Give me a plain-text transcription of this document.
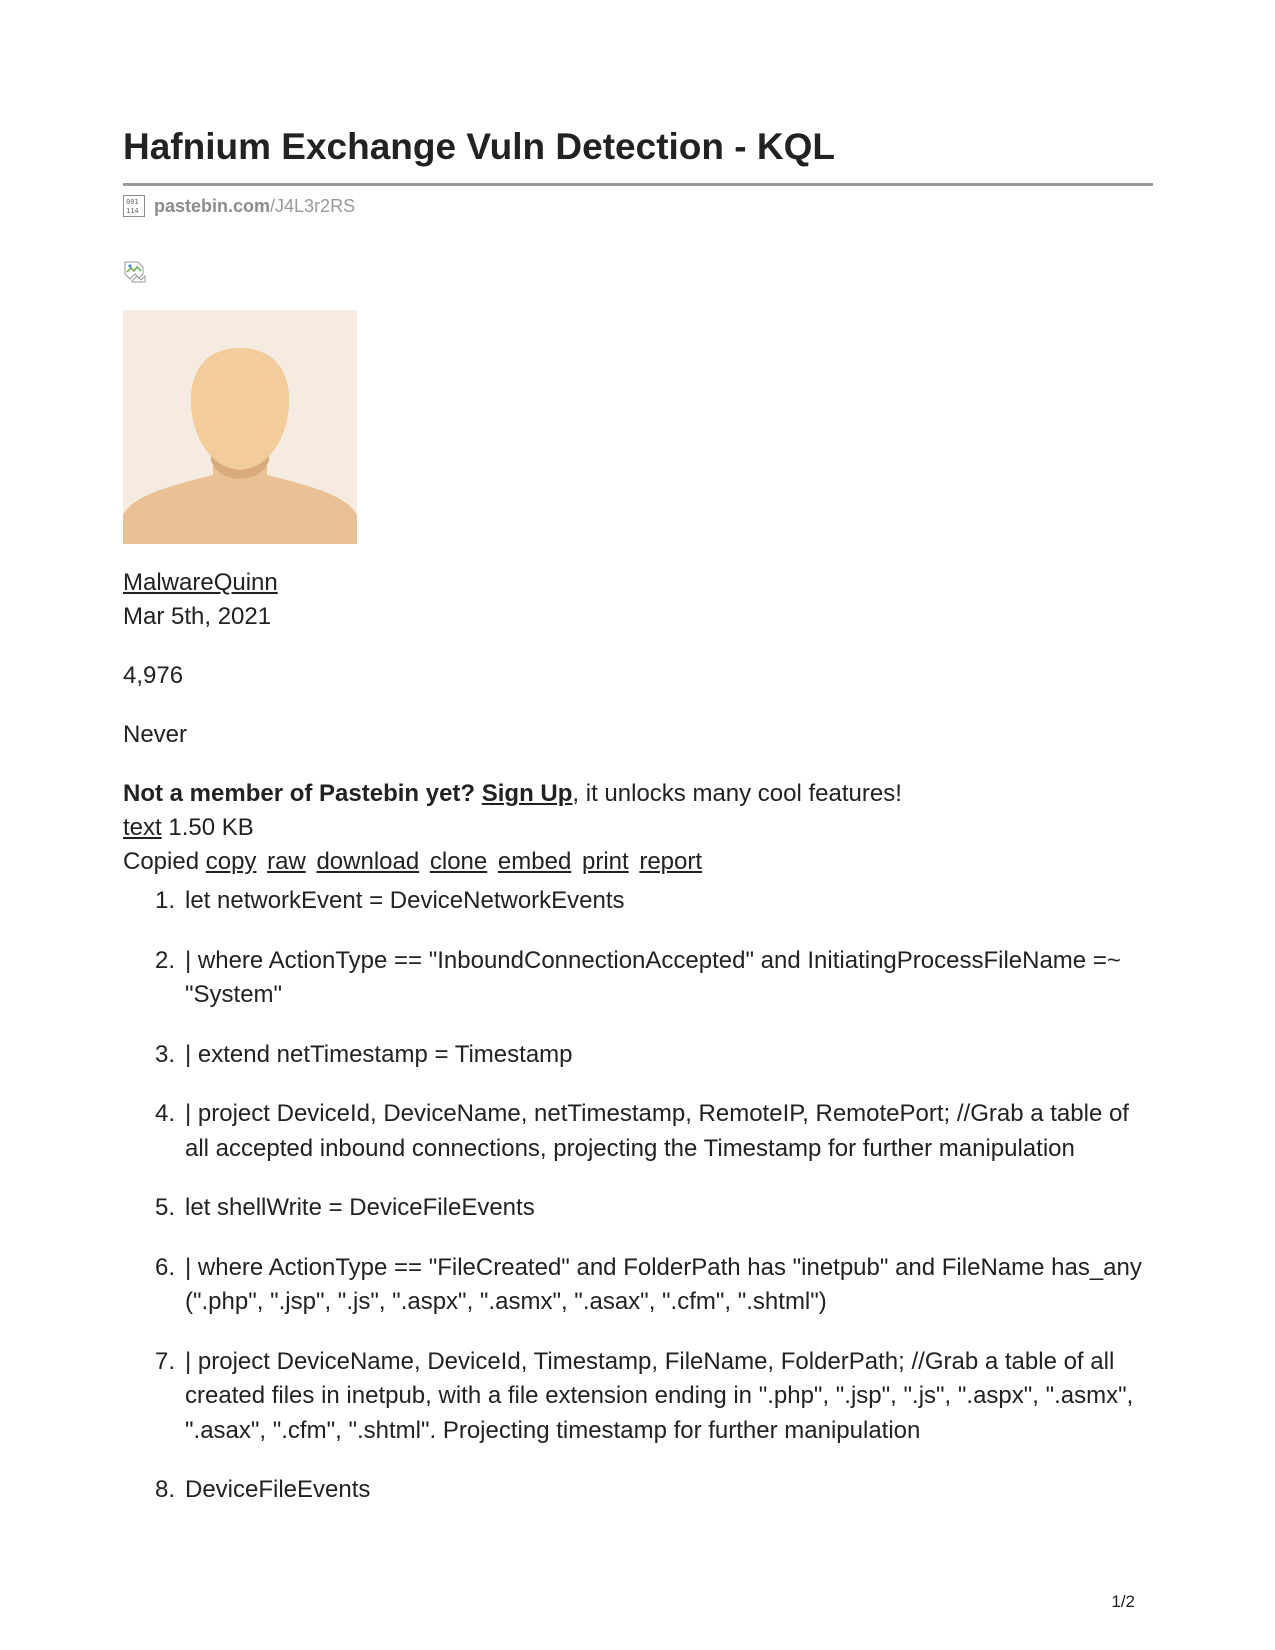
Hafnium Exchange Vuln Detection - KQL
001
114 pastebin.com /J4L3r2RS
MalwareQuinn
Mar 5th, 2021
4,976
Never
Not a member of Pastebin yet? Sign Up, it unlocks many cool features!
text 1.50 KB
Copied copy raw download clone embed print report
1. let networkEvent = DeviceNetworkEvents
2. | where ActionType == "InboundConnectionAccepted" and InitiatingProcessFileName =~ "System"
3. | extend netTimestamp = Timestamp
4. | project DeviceId, DeviceName, netTimestamp, RemoteIP, RemotePort; //Grab a table of all accepted inbound connections, projecting the Timestamp for further manipulation
5. let shellWrite = DeviceFileEvents
6. | where ActionType == "FileCreated" and FolderPath has "inetpub" and FileName has_any (".php", ".jsp", ".js", ".aspx", ".asmx", ".asax", ".cfm", ".shtml")
7. | project DeviceName, DeviceId, Timestamp, FileName, FolderPath; //Grab a table of all created files in inetpub, with a file extension ending in ".php", ".jsp", ".js", ".aspx", ".asmx", ".asax", ".cfm", ".shtml". Projecting timestamp for further manipulation
8. DeviceFileEvents
1/2
